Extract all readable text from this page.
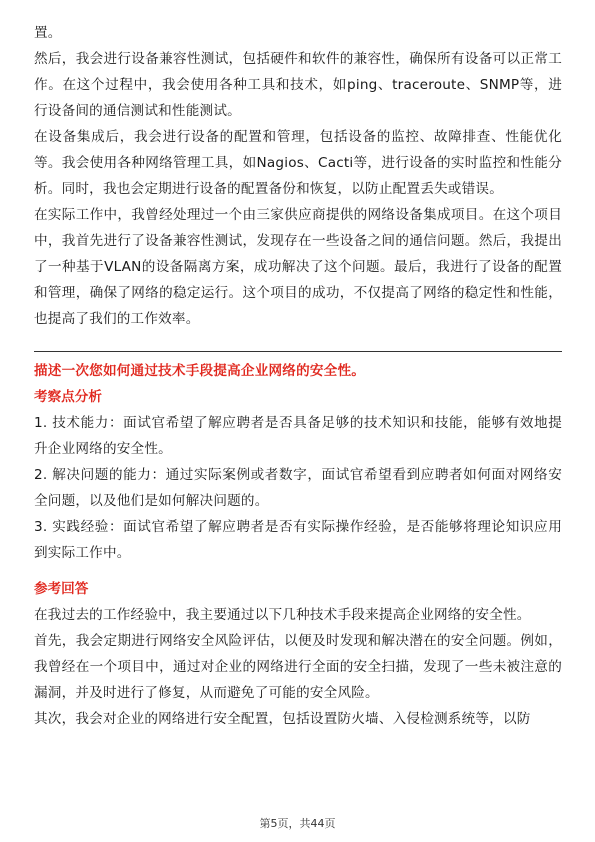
置。

然后，我会进行设备兼容性测试，包括硬件和软件的兼容性，确保所有设备可以正常工作。在这个过程中，我会使用各种工具和技术，如ping、traceroute、SNMP等，进行设备间的通信测试和性能测试。

在设备集成后，我会进行设备的配置和管理，包括设备的监控、故障排查、性能优化等。我会使用各种网络管理工具，如Nagios、Cacti等，进行设备的实时监控和性能分析。同时，我也会定期进行设备的配置备份和恢复，以防止配置丢失或错误。

在实际工作中，我曾经处理过一个由三家供应商提供的网络设备集成项目。在这个项目中，我首先进行了设备兼容性测试，发现存在一些设备之间的通信问题。然后，我提出了一种基于VLAN的设备隔离方案，成功解决了这个问题。最后，我进行了设备的配置和管理，确保了网络的稳定运行。这个项目的成功，不仅提高了网络的稳定性和性能，也提高了我们的工作效率。

描述一次您如何通过技术手段提高企业网络的安全性。

考察点分析

1. 技术能力：面试官希望了解应聘者是否具备足够的技术知识和技能，能够有效地提升企业网络的安全性。

2. 解决问题的能力：通过实际案例或者数字，面试官希望看到应聘者如何面对网络安全问题，以及他们是如何解决问题的。

3. 实践经验：面试官希望了解应聘者是否有实际操作经验，是否能够将理论知识应用到实际工作中。

参考回答

在我过去的工作经验中，我主要通过以下几种技术手段来提高企业网络的安全性。

首先，我会定期进行网络安全风险评估，以便及时发现和解决潜在的安全问题。例如，我曾经在一个项目中，通过对企业的网络进行全面的安全扫描，发现了一些未被注意的漏洞，并及时进行了修复，从而避免了可能的安全风险。

其次，我会对企业的网络进行安全配置，包括设置防火墙、入侵检测系统等，以防

第5页，共44页
